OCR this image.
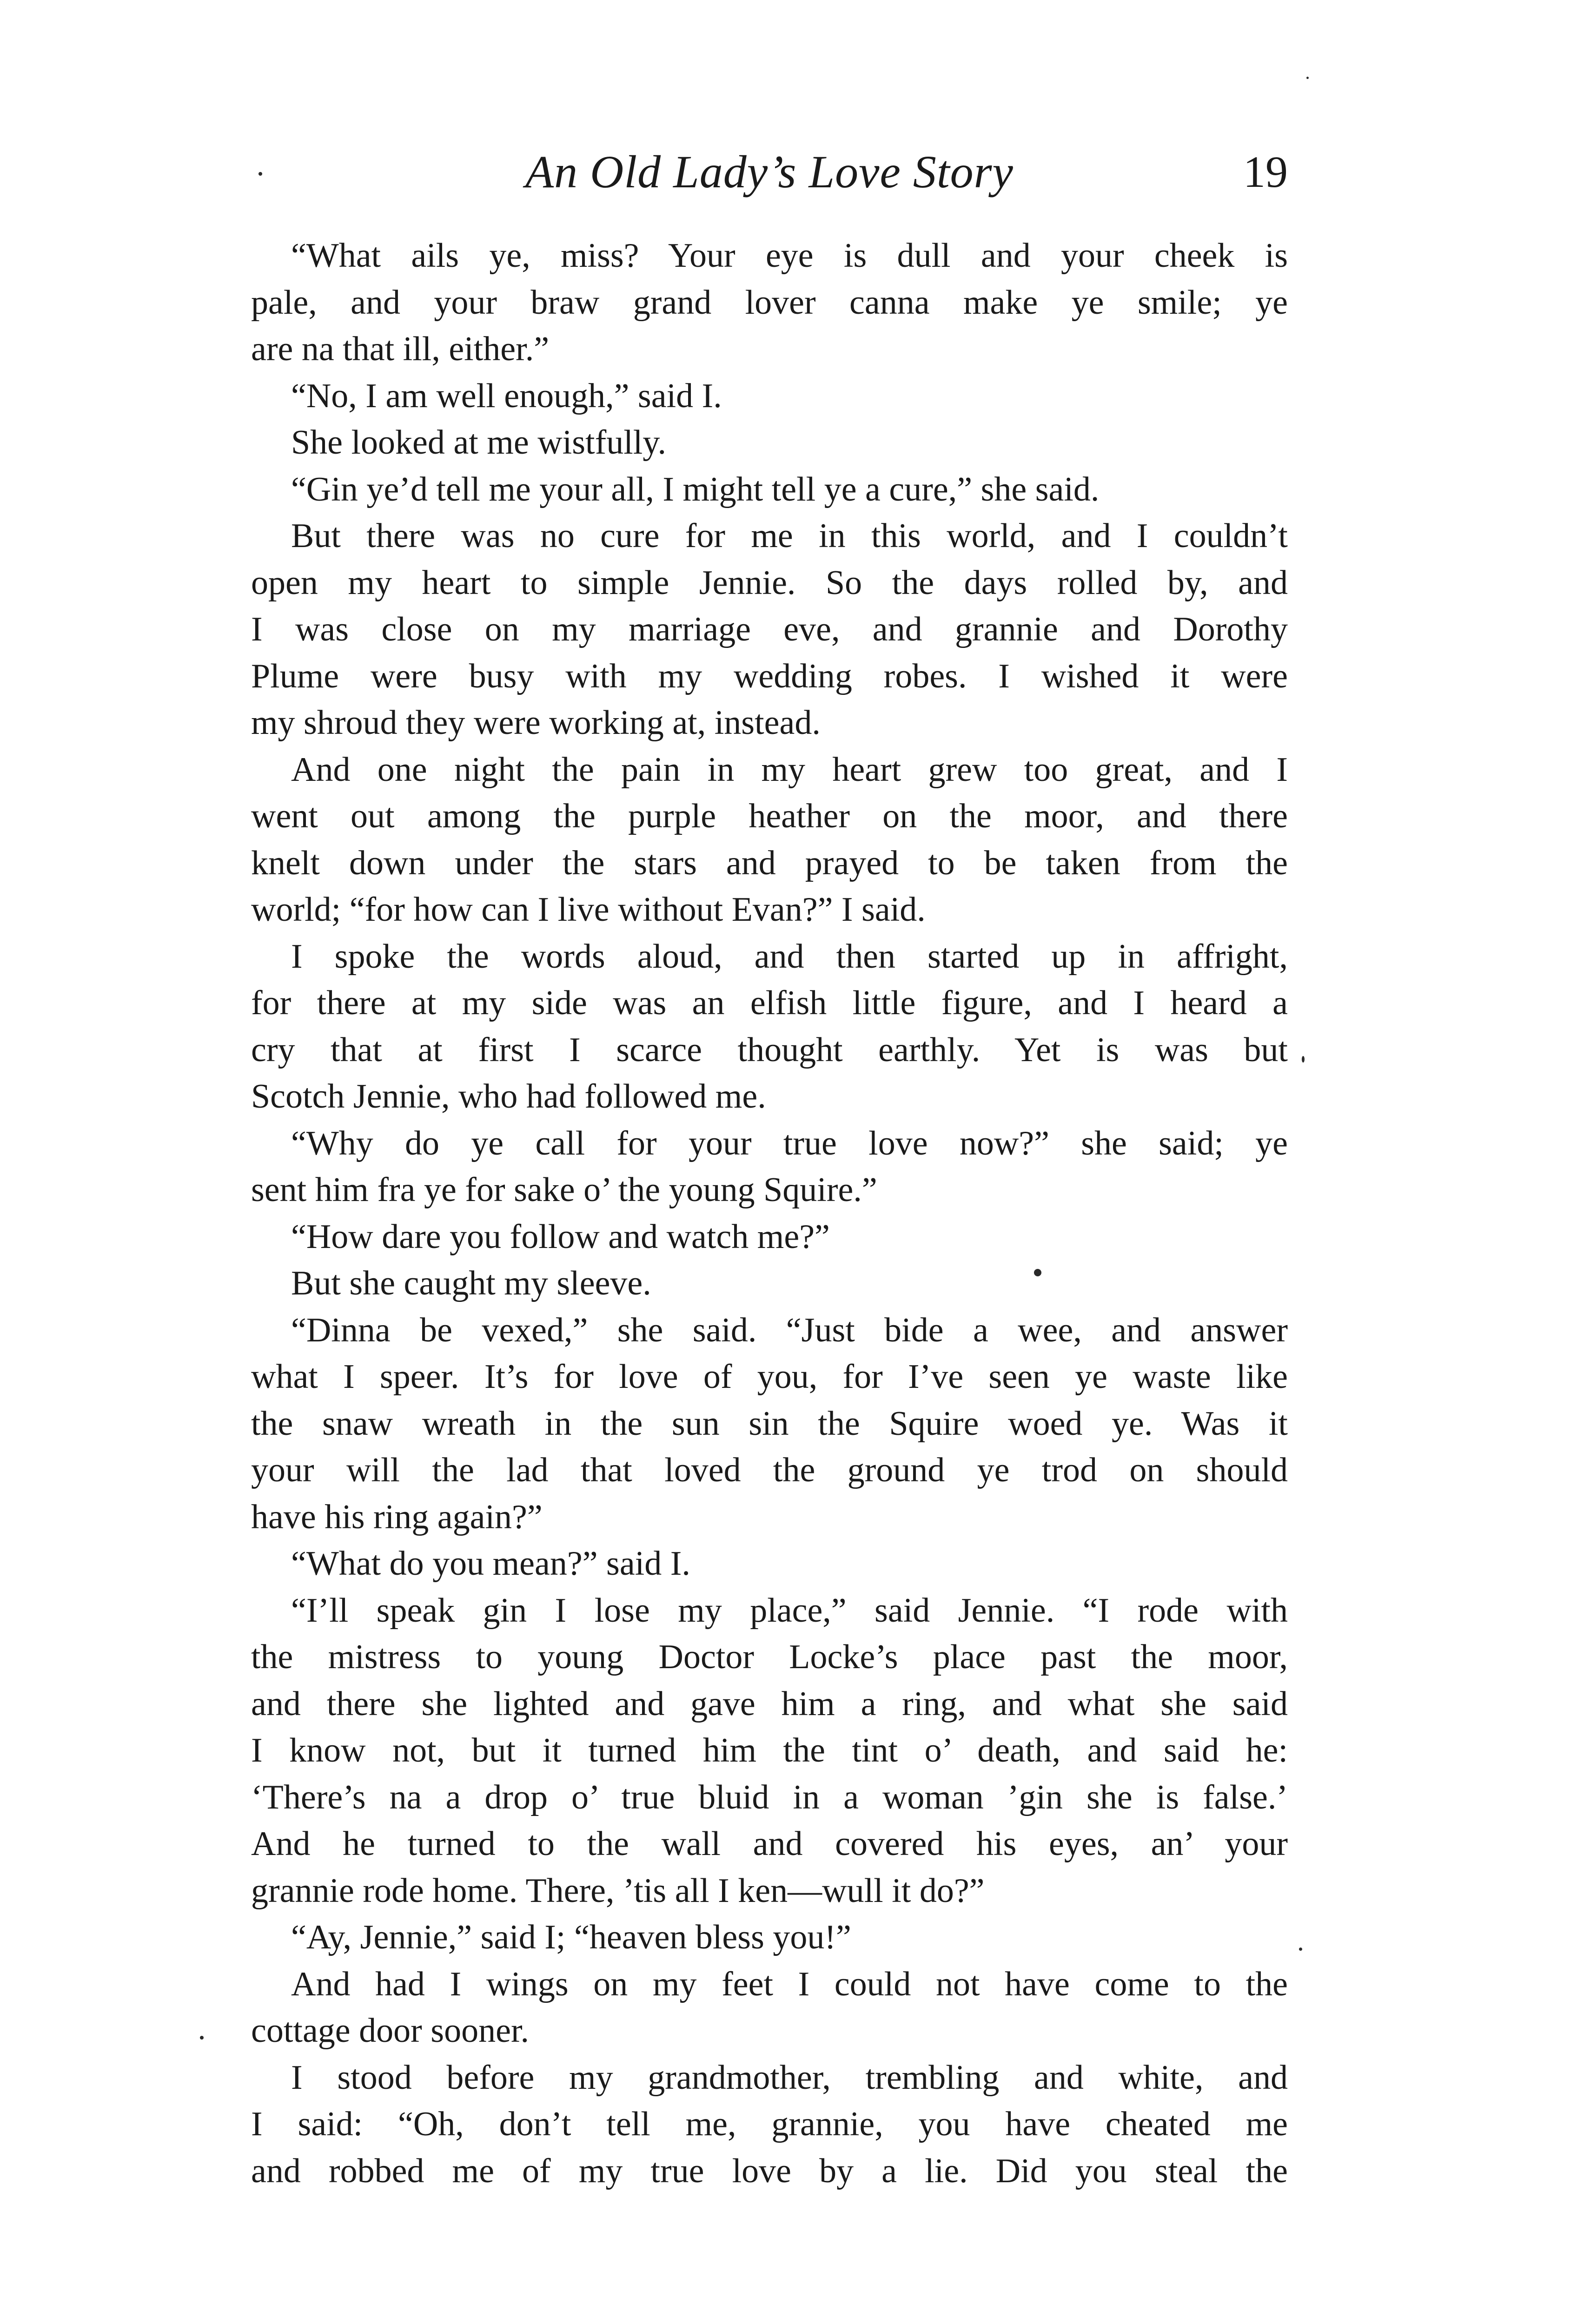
An Old Lady’s Love Story	19
“What ails ye, miss? Your eye is dull and your cheek is
pale, and your braw grand lover canna make ye smile; ye
are na that ill, either.”
“No, I am well enough,” said I.
She looked at me wistfully.
“Gin ye’d tell me your all, I might tell ye a cure,” she said.
But there was no cure for me in this world, and I couldn’t
open my heart to simple Jennie. So the days rolled by, and
I was close on my marriage eve, and grannie and Dorothy
Plume were busy with my wedding robes. I wished it were
my shroud they were working at, instead.
And one night the pain in my heart grew too great, and I
went out among the purple heather on the moor, and there
knelt down under the stars and prayed to be taken from the
world; “for how can I live without Evan?” I said.
I spoke the words aloud, and then started up in affright,
for there at my side was an elfish little figure, and I heard a
cry that at first I scarce thought earthly. Yet is was but
Scotch Jennie, who had followed me.
“Why do ye call for your true love now?” she said; ye
sent him fra ye for sake o’ the young Squire.”
“How dare you follow and watch me?”
But she caught my sleeve.
“Dinna be vexed,” she said. “Just bide a wee, and answer
what I speer. It’s for love of you, for I’ve seen ye waste like
the snaw wreath in the sun sin the Squire woed ye. Was it
your will the lad that loved the ground ye trod on should
have his ring again?”
“What do you mean?” said I.
“I’ll speak gin I lose my place,” said Jennie. “I rode with
the mistress to young Doctor Locke’s place past the moor,
and there she lighted and gave him a ring, and what she said
I know not, but it turned him the tint o’ death, and said he:
‘There’s na a drop o’ true bluid in a woman ’gin she is false.’
And he turned to the wall and covered his eyes, an’ your
grannie rode home. There, ’tis all I ken—wull it do?”
“Ay, Jennie,” said I; “heaven bless you!”
And had I wings on my feet I could not have come to the
cottage door sooner.
I stood before my grandmother, trembling and white, and
I said: “Oh, don’t tell me, grannie, you have cheated me
and robbed me of my true love by a lie. Did you steal the
